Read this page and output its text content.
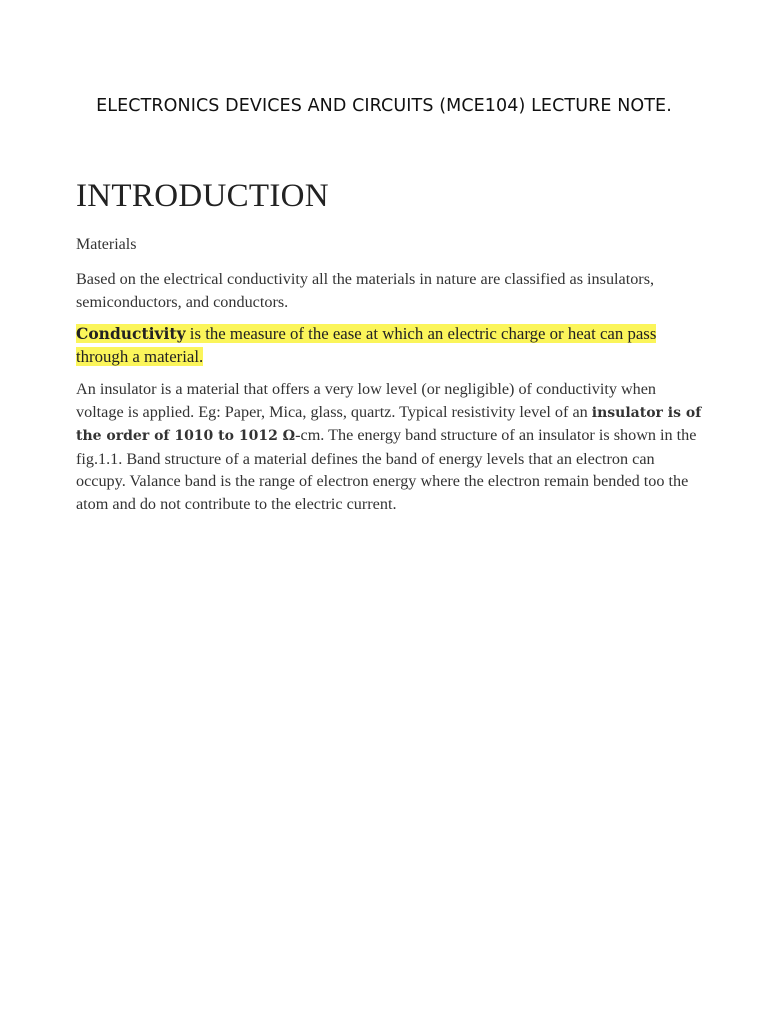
ELECTRONICS DEVICES AND CIRCUITS (MCE104) LECTURE NOTE.
INTRODUCTION

Materials

Based on the electrical conductivity all the materials in nature are classified as insulators, semiconductors, and conductors.

Conductivity is the measure of the ease at which an electric charge or heat can pass through a material.

An insulator is a material that offers a very low level (or negligible) of conductivity when voltage is applied. Eg: Paper, Mica, glass, quartz. Typical resistivity level of an insulator is of the order of 1010 to 1012 Ω-cm. The energy band structure of an insulator is shown in the fig.1.1. Band structure of a material defines the band of energy levels that an electron can occupy. Valance band is the range of electron energy where the electron remain bended too the atom and do not contribute to the electric current.
